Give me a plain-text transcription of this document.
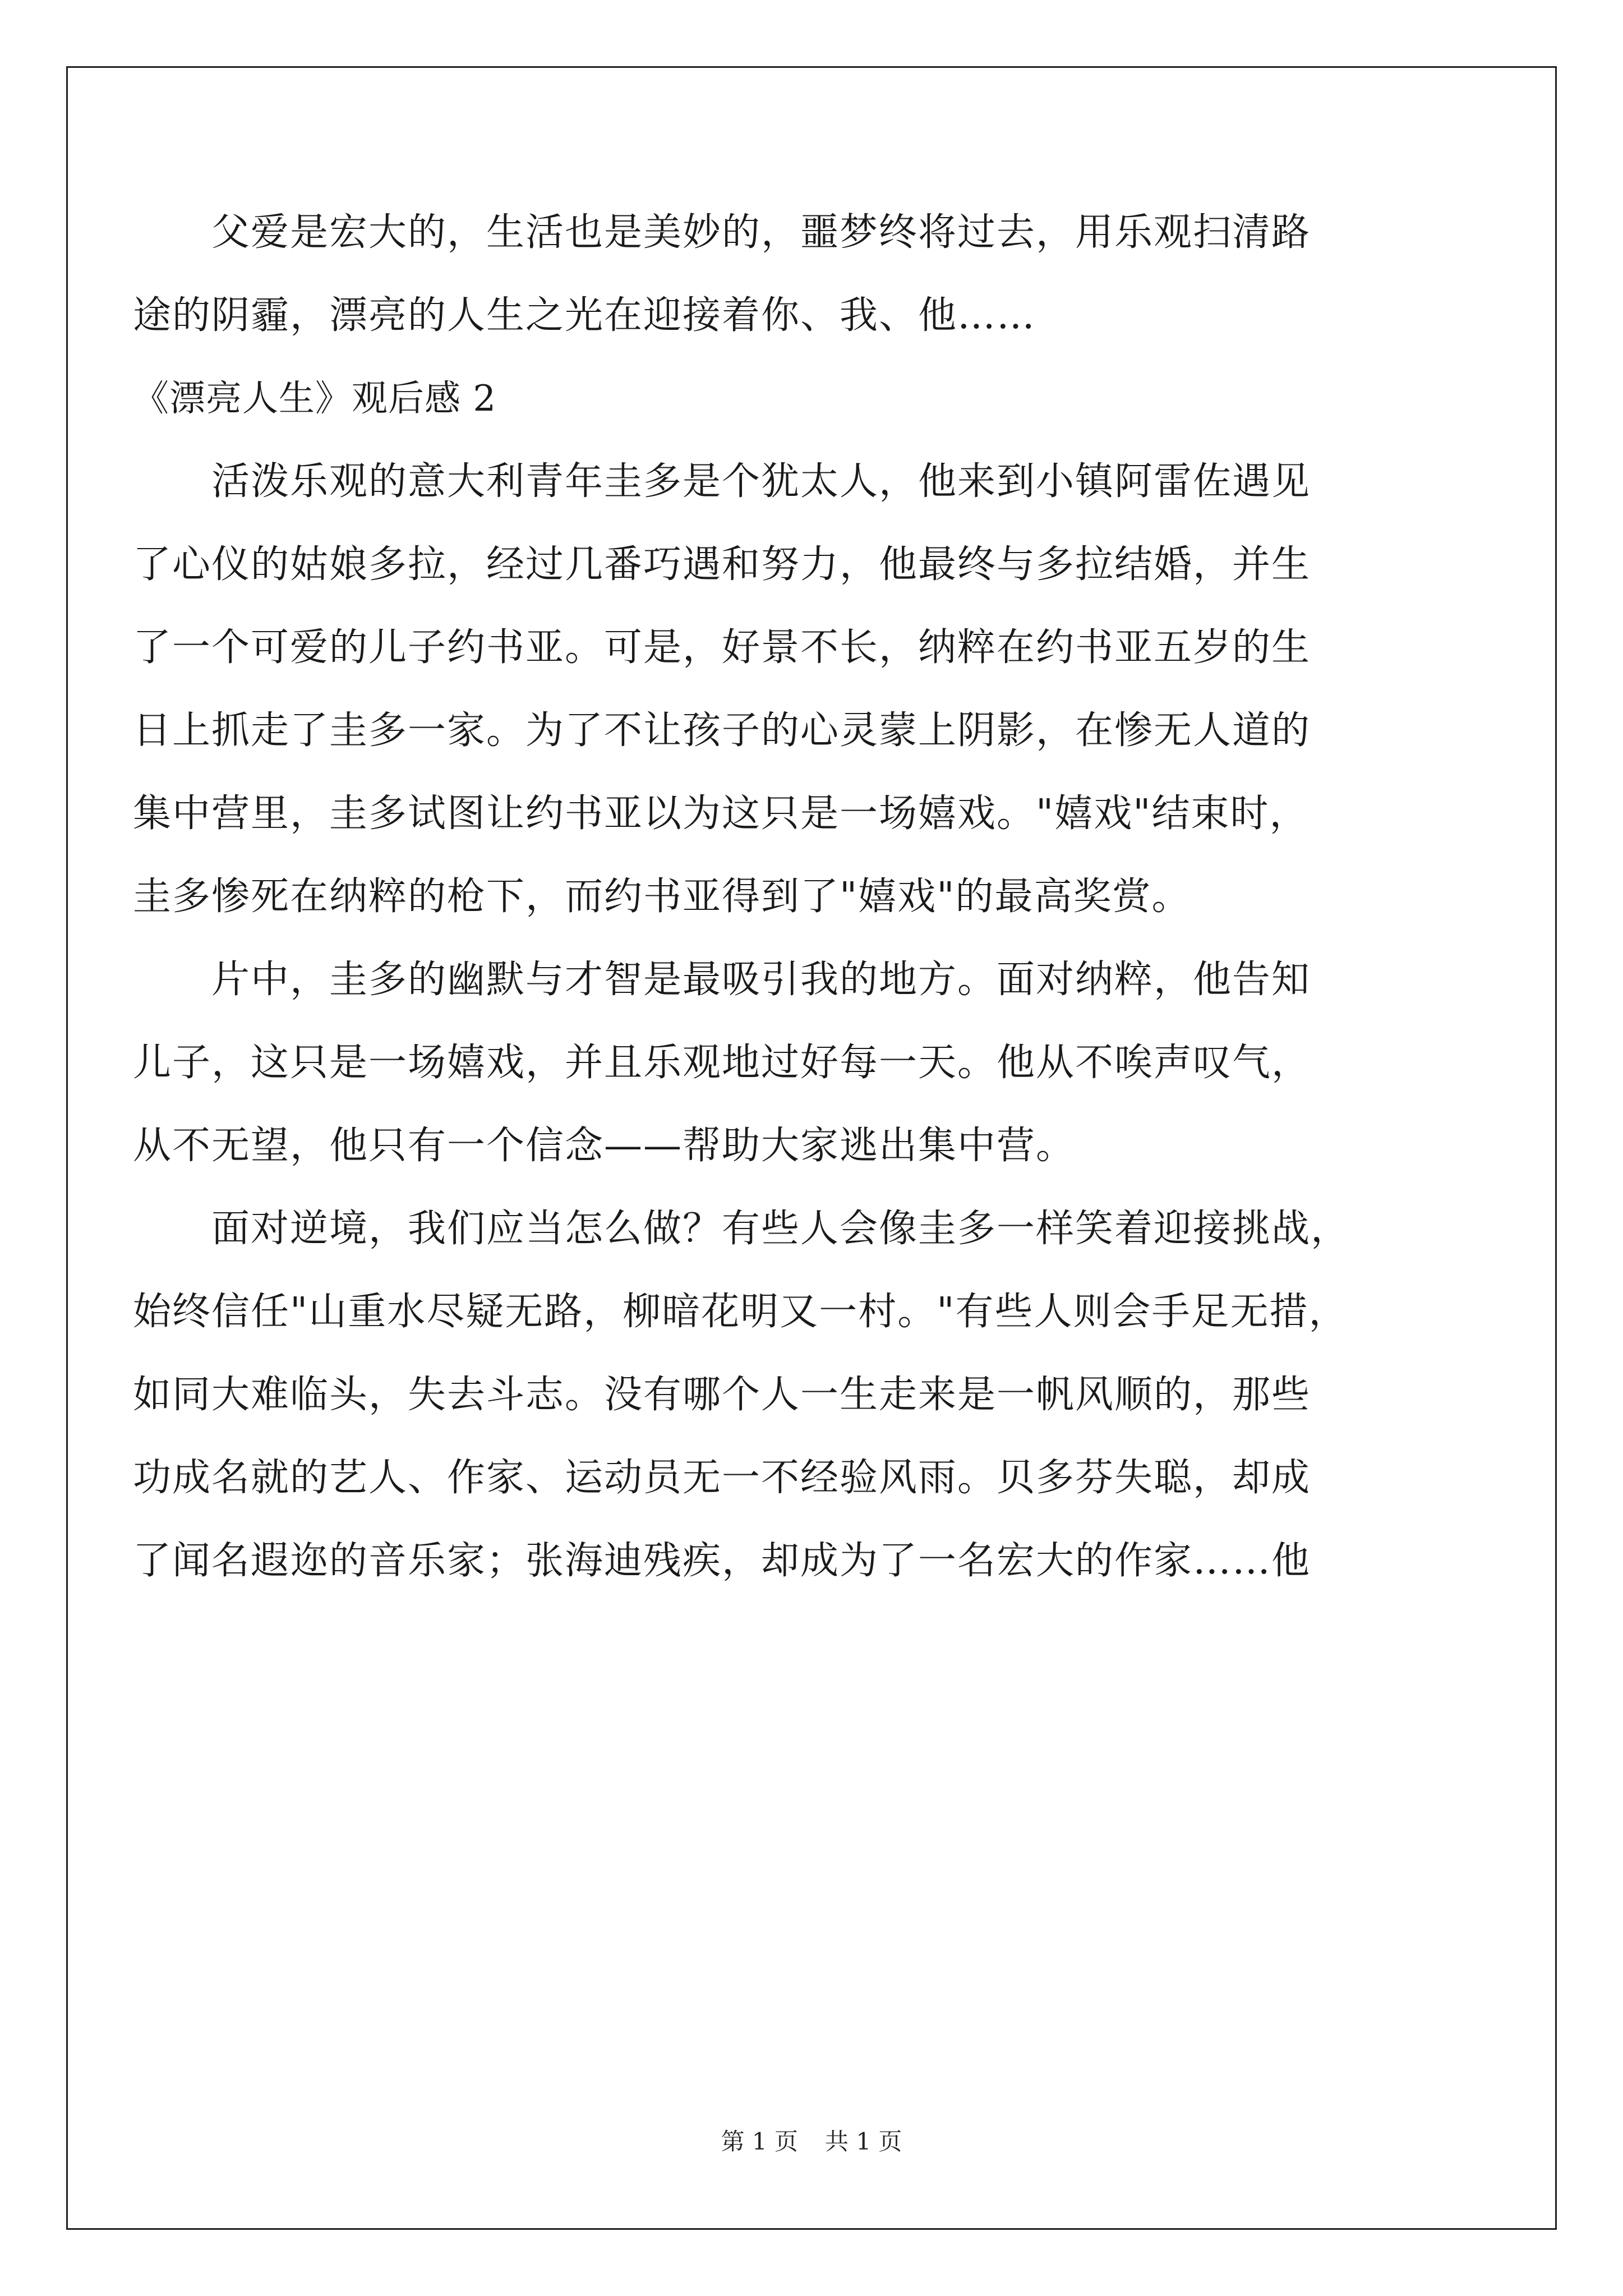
　　父爱是宏大的，生活也是美妙的，噩梦终将过去，用乐观扫清路
途的阴霾，漂亮的人生之光在迎接着你、我、他……
《漂亮人生》观后感 2
　　活泼乐观的意大利青年圭多是个犹太人，他来到小镇阿雷佐遇见
了心仪的姑娘多拉，经过几番巧遇和努力，他最终与多拉结婚，并生
了一个可爱的儿子约书亚。可是，好景不长，纳粹在约书亚五岁的生
日上抓走了圭多一家。为了不让孩子的心灵蒙上阴影，在惨无人道的
集中营里，圭多试图让约书亚以为这只是一场嬉戏。"嬉戏"结束时，
圭多惨死在纳粹的枪下，而约书亚得到了"嬉戏"的最高奖赏。
　　片中，圭多的幽默与才智是最吸引我的地方。面对纳粹，他告知
儿子，这只是一场嬉戏，并且乐观地过好每一天。他从不唉声叹气，
从不无望，他只有一个信念——帮助大家逃出集中营。
　　面对逆境，我们应当怎么做？有些人会像圭多一样笑着迎接挑战，
始终信任"山重水尽疑无路，柳暗花明又一村。"有些人则会手足无措，
如同大难临头，失去斗志。没有哪个人一生走来是一帆风顺的，那些
功成名就的艺人、作家、运动员无一不经验风雨。贝多芬失聪，却成
了闻名遐迩的音乐家；张海迪残疾，却成为了一名宏大的作家……他
第 1 页 共 1 页
